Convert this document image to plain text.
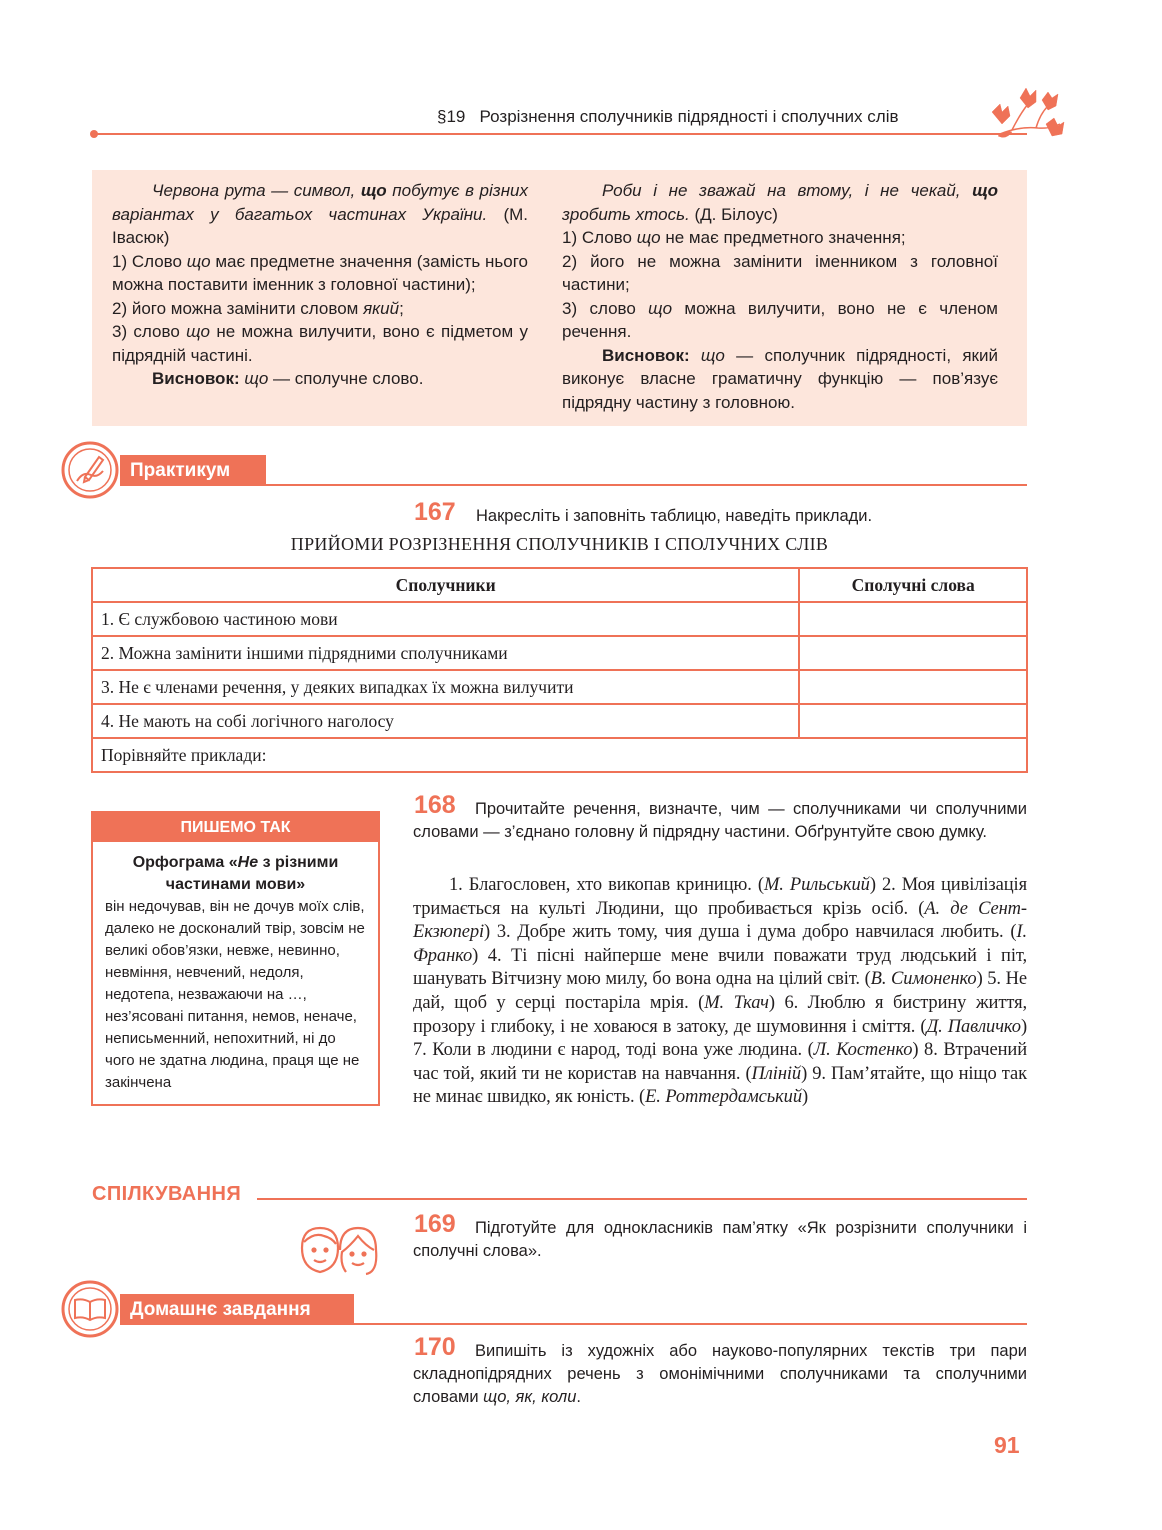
§19 Розрізнення сполучників підрядності і сполучних слів

Червона рута — символ, що побутує в різних варіантах у багатьох частинах України. (М. Івасюк)

1) Слово що має предметне значення (замість нього можна поставити іменник з головної частини);

2) його можна замінити словом який;

3) слово що не можна вилучити, воно є підметом у підрядній частині.

Висновок: що — сполучне слово.

Роби і не зважай на втому, і не чекай, що зробить хтось. (Д. Білоус)

1) Слово що не має предметного значення;

2) його не можна замінити іменником з головної частини;

3) слово що можна вилучити, воно не є членом речення.

Висновок: що — сполучник підрядності, який виконує власне граматичну функцію — пов’язує підрядну частину з головною.

Практикум
167 Накресліть і заповніть таблицю, наведіть приклади.
ПРИЙОМИ РОЗРІЗНЕННЯ СПОЛУЧНИКІВ І СПОЛУЧНИХ СЛІВ
Сполучники	Сполучні слова
1. Є службовою частиною мови	
2. Можна замінити іншими підрядними сполучниками	
3. Не є членами речення, у деяких випадках їх можна вилучити	
4. Не мають на собі логічного наголосу	
Порівняйте приклади:	
ПИШЕМО ТАК
Орфограма «Не з різними частинами мови»
він недочував, він не дочув моїх слів, далеко не досконалий твір, зовсім не великі обов’язки, невже, невинно, невміння, невчений, недоля, недотепа, незважаючи на …, нез’ясовані питання, немов, неначе, неписьменний, непохитний, ні до чого не здатна людина, праця ще не закінчена
168	Прочитайте речення, визначте, чим — сполучниками чи сполучними словами — з’єднано головну й підрядну частини. Обґрунтуйте свою думку.
1. Благословен, хто викопав криницю. (М. Рильський) 2. Моя цивілізація тримається на культі Людини, що пробивається крізь осіб. (А. де Сент-Екзюпері) 3. Добре жить тому, чия душа і дума добро навчилася любить. (І. Франко) 4. Ті пісні найперше мене вчили поважати труд людський і піт, шанувать Вітчизну мою милу, бо вона одна на цілий світ. (В. Симоненко) 5. Не дай, щоб у серці постаріла мрія. (М. Ткач) 6. Люблю я бистрину життя, прозору і глибоку, і не ховаюся в затоку, де шумовиння і сміття. (Д. Павличко) 7. Коли в людини є народ, тоді вона уже людина. (Л. Костенко) 8. Втрачений час той, який ти не користав на навчання. (Пліній) 9. Пам’ятайте, що ніщо так не минає швидко, як юність. (Е. Роттердамський)
СПІЛКУВАННЯ
169	Підготуйте для однокласників пам’ятку «Як розрізнити сполучники і сполучні слова».
Домашнє завдання
170	Випишіть із художніх або науково-популярних текстів три пари складнопідрядних речень з омонімічними сполучниками та сполучними словами що, як, коли.
91
